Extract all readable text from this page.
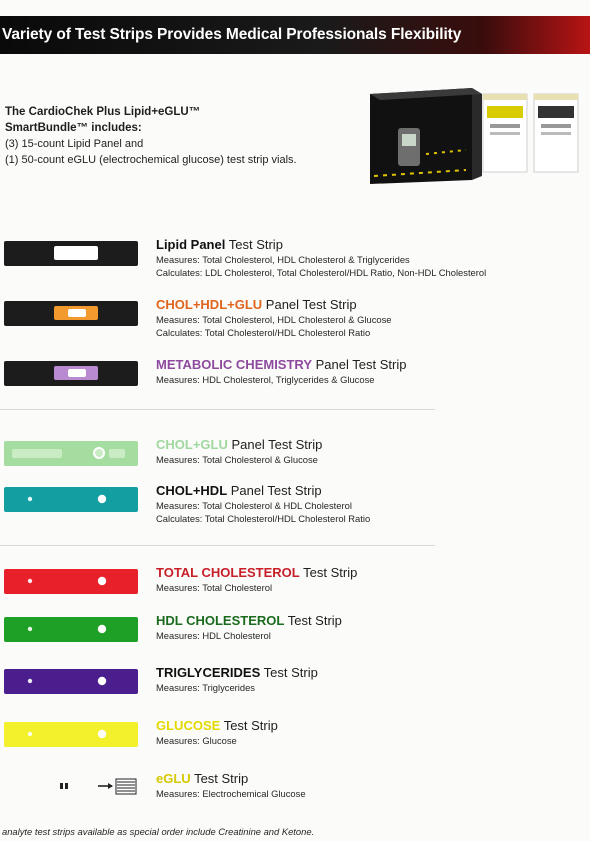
Variety of Test Strips Provides Medical Professionals Flexibility
The CardioChek Plus Lipid+eGLU™
SmartBundle™ includes:
(3) 15-count Lipid Panel and
(1) 50-count eGLU (electrochemical glucose) test strip vials.
Lipid Panel Test Strip
Measures: Total Cholesterol, HDL Cholesterol & Triglycerides
Calculates: LDL Cholesterol, Total Cholesterol/HDL Ratio, Non-HDL Cholesterol
CHOL+HDL+GLU Panel Test Strip
Measures: Total Cholesterol, HDL Cholesterol & Glucose
Calculates: Total Cholesterol/HDL Cholesterol Ratio
METABOLIC CHEMISTRY Panel Test Strip
Measures: HDL Cholesterol, Triglycerides & Glucose
CHOL+GLU Panel Test Strip
Measures: Total Cholesterol & Glucose
CHOL+HDL Panel Test Strip
Measures: Total Cholesterol & HDL Cholesterol
Calculates: Total Cholesterol/HDL Cholesterol Ratio
TOTAL CHOLESTEROL Test Strip
Measures: Total Cholesterol
HDL CHOLESTEROL Test Strip
Measures: HDL Cholesterol
TRIGLYCERIDES Test Strip
Measures: Triglycerides
GLUCOSE Test Strip
Measures: Glucose
eGLU Test Strip
Measures: Electrochemical Glucose
analyte test strips available as special order include Creatinine and Ketone.
